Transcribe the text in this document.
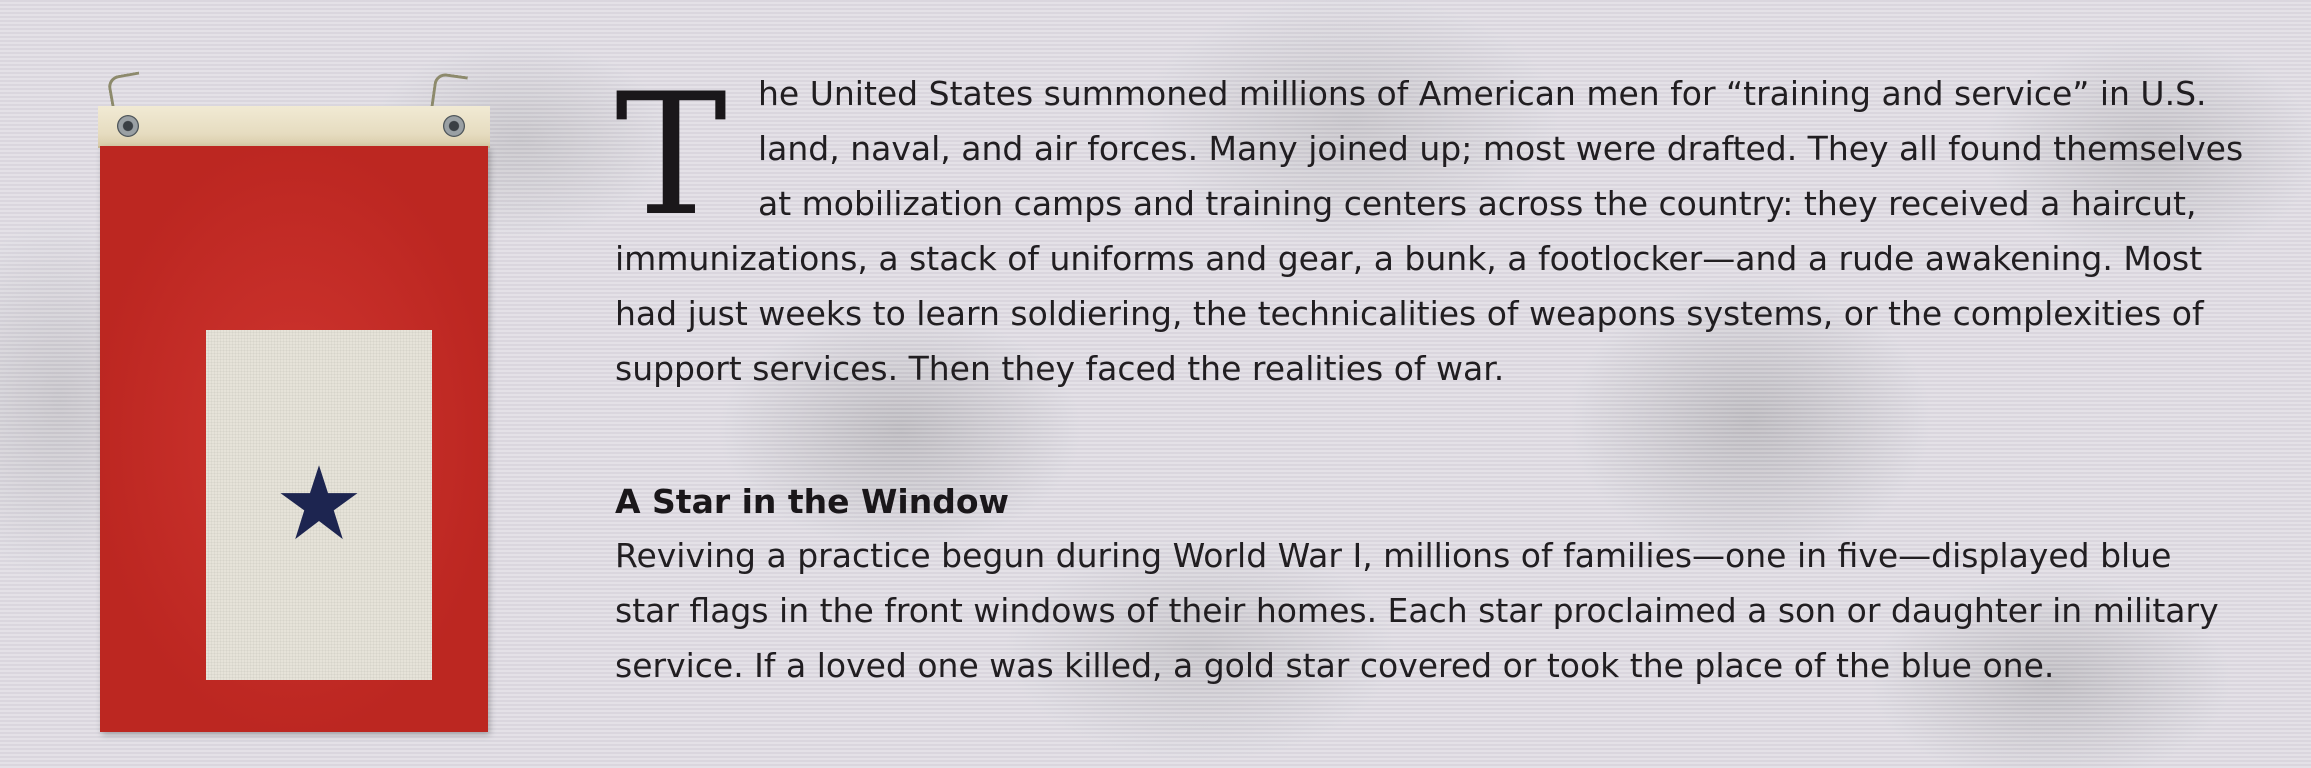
T he United States summoned millions of American men for “training and service” in U.S.
land, naval, and air forces. Many joined up; most were drafted. They all found themselves
at mobilization camps and training centers across the country: they received a haircut,
immunizations, a stack of uniforms and gear, a bunk, a footlocker—and a rude awakening. Most
had just weeks to learn soldiering, the technicalities of weapons systems, or the complexities of
support services. Then they faced the realities of war.
A Star in the Window
Reviving a practice begun during World War I, millions of families—one in five—displayed blue
star flags in the front windows of their homes. Each star proclaimed a son or daughter in military
service. If a loved one was killed, a gold star covered or took the place of the blue one.
